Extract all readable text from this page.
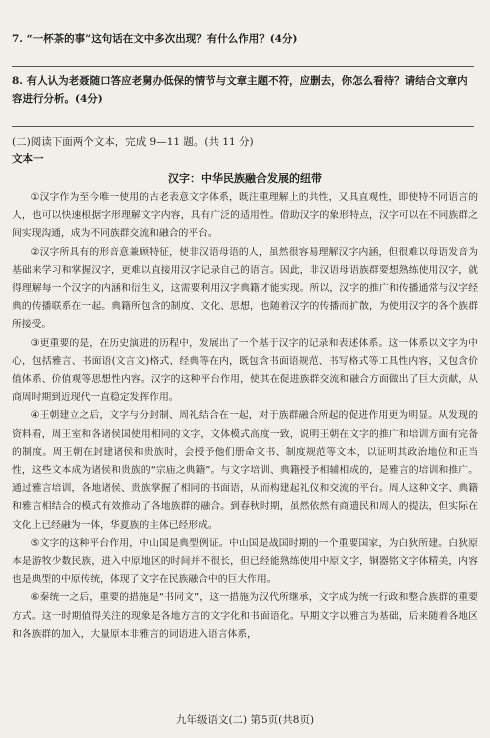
7. “一杯茶的事”这句话在文中多次出现？有什么作用？(4分)
8. 有人认为老聂随口答应老舅办低保的情节与文章主题不符，应删去，你怎么看待？请结合文章内容进行分析。(4分)
(二)阅读下面两个文本，完成 9—11 题。(共 11 分)
文本一
汉字：中华民族融合发展的纽带

①汉字作为至今唯一使用的古老表意文字体系，既注重理解上的共性，又具直观性，即使特不同语言的人，也可以快速根据字形理解文字内容，具有广泛的适用性。借助汉字的象形特点，汉字可以在不同族群之间实现沟通，成为不同族群交流和融合的平台。

②汉字所具有的形音意兼顾特征，使非汉语母语的人，虽然很容易理解汉字内涵，但很难以母语发音为基础来学习和掌握汉字，更难以直接用汉字记录自己的语言。因此，非汉语母语族群要想熟练使用汉字，就得理解每一个汉字的内涵和衍生义，这需要利用汉字典籍才能实现。所以，汉字的推广和传播通常与汉字经典的传播联系在一起。典籍所包含的制度、文化、思想，也随着汉字的传播而扩散，为使用汉字的各个族群所接受。

③更重要的是，在历史演进的历程中，发展出了一个基于汉字的记录和表述体系。这一体系以文字为中心，包括雅言、书面语(文言文)格式、经典等在内，既包含书面语规范、书写格式等工具性内容，又包含价值体系、价值观等思想性内容。汉字的这种平台作用，使其在促进族群交流和融合方面做出了巨大贡献，从商周时期到近现代一直稳定发挥作用。

④王朝建立之后，文字与分封制、周礼结合在一起，对于族群融合所起的促进作用更为明显。从发现的资料看，周王室和各诸侯国使用相同的文字，文体模式高度一致，说明王朝在文字的推广和培训方面有完备的制度。周王朝在封建诸侯和贵族时，会授予他们册命文书、制度规范等文本，以证明其政治地位和正当性，这些文本成为诸侯和贵族的“宗庙之典籍”。与文字培训、典籍授予相辅相成的，是雅言的培训和推广。通过雅言培训，各地诸侯、贵族掌握了相同的书面语，从而构建起礼仪和交流的平台。周人这种文字、典籍和雅言相结合的模式有效推动了各地族群的融合。到春秋时期，虽然依然有商遗民和周人的提法，但实际在文化上已经融为一体，华夏族的主体已经形成。

⑤文字的这种平台作用，中山国是典型例证。中山国是战国时期的一个重要国家，为白狄所建。白狄原本是游牧少数民族，进入中原地区的时间并不很长，但已经能熟练使用中原文字，铜器铭文字体精美，内容也是典型的中原传统，体现了文字在民族融合中的巨大作用。

⑥秦统一之后，重要的措施是“书同文”，这一措施为汉代所继承，文字成为统一行政和整合族群的重要方式。这一时期值得关注的现象是各地方言的文字化和书面语化。早期文字以雅言为基础，后来随着各地区和各族群的加入，大量原本非雅言的词语进入语言体系，

九年级语文(二) 第5页(共8页)
